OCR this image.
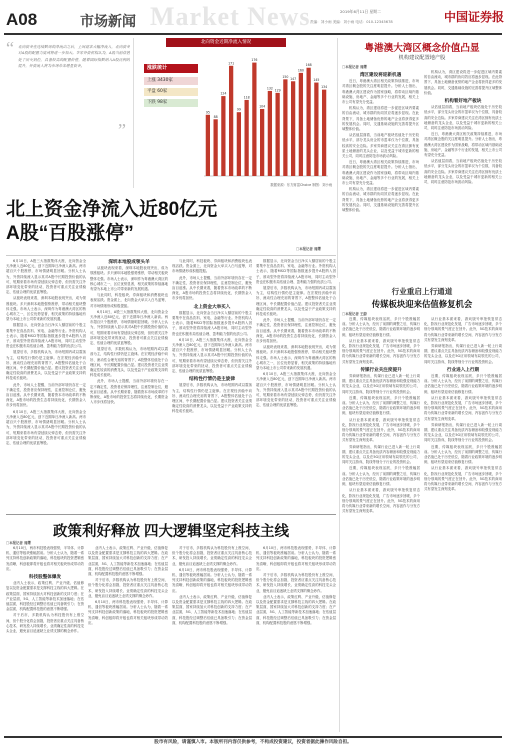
A08	市场新闻 Market News	2019年6月11日 星期二
责编：刘小雨 美编：刘小雨 电话：010-12345678	中国证券报
“ 北向资金在连续数周的净流出之后，上周迎来大幅净流入，北向资金对A股的配置力度或将进一步加大。多家外资机构认为，A股当前估值处于历史低位，具备较高的配置价值，随着国际指数纳入A股比例的提升，外资流入将为市场带来增量资金。
”
北向资金近期净流入情况
涨跌统计
上涨 3430家
平盘 60家
下跌 98家
95
88
124
171
99
118
176
104
132 129
150 147
160
168
145
134
数据来源：东方财富Choice 制图：刘小雨
粤港澳大湾区概念价值凸显
机构建议配置地产股
□本报记者 周缨
湾区建设将迎新机遇

近日，粤港澳大湾区相关政策持续推进，市场对湾区概念股的关注度明显提升。分析人士指出，粤港澳大湾区建设作为国家战略，将带动区域内基础设施、房地产、金融等多个行业的发展，相关上市公司有望充分受益。

机构认为，湾区建设将进一步促进区域内要素的自由流动，城市群的协同效应将逐步显现。在此背景下，具备土地储备优势的地产企业将获得更多的发展机会。同时，交通基础设施的完善将提升区域整体价值。

从估值层面看，当前地产板块估值处于历史较低水平，部分龙头房企的市盈率仅为个位数，具备较高的安全边际。多家券商建议关注在湾区拥有优质土地储备的龙头企业，以及受益于城市更新的相关公司，同时注意防范市场波动风险。

近日，粤港澳大湾区相关政策持续推进，市场对湾区概念股的关注度明显提升。分析人士指出，粤港澳大湾区建设作为国家战略，将带动区域内基础设施、房地产、金融等多个行业的发展，相关上市公司有望充分受益。

机构认为，湾区建设将进一步促进区域内要素的自由流动，城市群的协同效应将逐步显现。在此背景下，具备土地储备优势的地产企业将获得更多的发展机会。同时，交通基础设施的完善将提升区域整体价值。

机构认为，湾区建设将进一步促进区域内要素的自由流动，城市群的协同效应将逐步显现。在此背景下，具备土地储备优势的地产企业将获得更多的发展机会。同时，交通基础设施的完善将提升区域整体价值。

机构看好地产板块

从估值层面看，当前地产板块估值处于历史较低水平，部分龙头房企的市盈率仅为个位数，具备较高的安全边际。多家券商建议关注在湾区拥有优质土地储备的龙头企业，以及受益于城市更新的相关公司，同时注意防范市场波动风险。

近日，粤港澳大湾区相关政策持续推进，市场对湾区概念股的关注度明显提升。分析人士指出，粤港澳大湾区建设作为国家战略，将带动区域内基础设施、房地产、金融等多个行业的发展，相关上市公司有望充分受益。

从估值层面看，当前地产板块估值处于历史较低水平，部分龙头房企的市盈率仅为个位数，具备较高的安全边际。多家券商建议关注在湾区拥有优质土地储备的龙头企业，以及受益于城市更新的相关公司，同时注意防范市场波动风险。

北上资金净流入近80亿元
A股“百股涨停”
□本报记者 周缨

6月10日，A股三大指数集体大涨，北向资金全天净流入近80亿元，创下近期单日净流入新高。两市超百只个股涨停，市场情绪明显回暖。分析人士认为，外资持续流入显示其对A股中长期投资价值的认可，短期来看市场有望延续反弹态势，但仍需关注外部环境变化带来的扰动，投资者可重点关注业绩稳定、估值合理的优质蓝筹股。

从板块表现来看，深圳本地股表现突出，成为领涨板块。多只深圳本地股强势涨停，带动相关板块整体走强。市场人士表示，深圳作为粤港澳大湾区的核心城市之一，区位优势显著，相关政策的持续落地有望为本地上市公司带来新的发展机遇。

数据显示，北向资金当日净买入额居前的个股主要集中在食品饮料、家电、金融等行业。外资机构人士表示，随着MSCI等国际指数逐步提升A股纳入因子，被动型外资将持续流入A股市场，同时主动型外资也在积极布局估值合理、盈利能力强的优质公司。

展望后市，多数机构认为，市场短期内或以震荡为主，结构性行情仍是主旋律。在宏观经济稳中向好、流动性合理充裕的背景下，A股整体估值处于合理区间，中长期配置价值凸显。建议投资者关注业绩确定性较高的消费龙头，以及受益于产业政策支持的科技成长板块。

此外，市场人士提醒，当前外部环境仍存在一定不确定性，投资者应保持理性，注意控制仓位，避免盲目追涨。从中长期来看，随着资本市场改革的不断深化，A股市场的投资生态将持续优化，长期资金入市步伐将加快。

6月10日，A股三大指数集体大涨，北向资金全天净流入近80亿元，创下近期单日净流入新高。两市超百只个股涨停，市场情绪明显回暖。分析人士认为，外资持续流入显示其对A股中长期投资价值的认可，短期来看市场有望延续反弹态势，但仍需关注外部环境变化带来的扰动，投资者可重点关注业绩稳定、估值合理的优质蓝筹股。

深圳本地股成领头羊

从板块表现来看，深圳本地股表现突出，成为领涨板块。多只深圳本地股强势涨停，带动相关板块整体走强。市场人士表示，深圳作为粤港澳大湾区的核心城市之一，区位优势显著，相关政策的持续落地有望为本地上市公司带来新的发展机遇。

与此同时，科技板块、券商板块和消费板块也表现活跃。资金面上，北向资金大举买入白马蓝筹，对市场情绪形成积极提振。

6月10日，A股三大指数集体大涨，北向资金全天净流入近80亿元，创下近期单日净流入新高。两市超百只个股涨停，市场情绪明显回暖。分析人士认为，外资持续流入显示其对A股中长期投资价值的认可，短期来看市场有望延续反弹态势，但仍需关注外部环境变化带来的扰动，投资者可重点关注业绩稳定、估值合理的优质蓝筹股。

展望后市，多数机构认为，市场短期内或以震荡为主，结构性行情仍是主旋律。在宏观经济稳中向好、流动性合理充裕的背景下，A股整体估值处于合理区间，中长期配置价值凸显。建议投资者关注业绩确定性较高的消费龙头，以及受益于产业政策支持的科技成长板块。

此外，市场人士提醒，当前外部环境仍存在一定不确定性，投资者应保持理性，注意控制仓位，避免盲目追涨。从中长期来看，随着资本市场改革的不断深化，A股市场的投资生态将持续优化，长期资金入市步伐将加快。

与此同时，科技板块、券商板块和消费板块也表现活跃。资金面上，北向资金大举买入白马蓝筹，对市场情绪形成积极提振。

此外，市场人士提醒，当前外部环境仍存在一定不确定性，投资者应保持理性，注意控制仓位，避免盲目追涨。从中长期来看，随着资本市场改革的不断深化，A股市场的投资生态将持续优化，长期资金入市步伐将加快。

北上资金大举买入

数据显示，北向资金当日净买入额居前的个股主要集中在食品饮料、家电、金融等行业。外资机构人士表示，随着MSCI等国际指数逐步提升A股纳入因子，被动型外资将持续流入A股市场，同时主动型外资也在积极布局估值合理、盈利能力强的优质公司。

6月10日，A股三大指数集体大涨，北向资金全天净流入近80亿元，创下近期单日净流入新高。两市超百只个股涨停，市场情绪明显回暖。分析人士认为，外资持续流入显示其对A股中长期投资价值的认可，短期来看市场有望延续反弹态势，但仍需关注外部环境变化带来的扰动，投资者可重点关注业绩稳定、估值合理的优质蓝筹股。

结构性行情仍是主旋律

展望后市，多数机构认为，市场短期内或以震荡为主，结构性行情仍是主旋律。在宏观经济稳中向好、流动性合理充裕的背景下，A股整体估值处于合理区间，中长期配置价值凸显。建议投资者关注业绩确定性较高的消费龙头，以及受益于产业政策支持的科技成长板块。

数据显示，北向资金当日净买入额居前的个股主要集中在食品饮料、家电、金融等行业。外资机构人士表示，随着MSCI等国际指数逐步提升A股纳入因子，被动型外资将持续流入A股市场，同时主动型外资也在积极布局估值合理、盈利能力强的优质公司。

展望后市，多数机构认为，市场短期内或以震荡为主，结构性行情仍是主旋律。在宏观经济稳中向好、流动性合理充裕的背景下，A股整体估值处于合理区间，中长期配置价值凸显。建议投资者关注业绩确定性较高的消费龙头，以及受益于产业政策支持的科技成长板块。

此外，市场人士提醒，当前外部环境仍存在一定不确定性，投资者应保持理性，注意控制仓位，避免盲目追涨。从中长期来看，随着资本市场改革的不断深化，A股市场的投资生态将持续优化，长期资金入市步伐将加快。

从板块表现来看，深圳本地股表现突出，成为领涨板块。多只深圳本地股强势涨停，带动相关板块整体走强。市场人士表示，深圳作为粤港澳大湾区的核心城市之一，区位优势显著，相关政策的持续落地有望为本地上市公司带来新的发展机遇。

6月10日，A股三大指数集体大涨，北向资金全天净流入近80亿元，创下近期单日净流入新高。两市超百只个股涨停，市场情绪明显回暖。分析人士认为，外资持续流入显示其对A股中长期投资价值的认可，短期来看市场有望延续反弹态势，但仍需关注外部环境变化带来的扰动，投资者可重点关注业绩稳定、估值合理的优质蓝筹股。

行业重启上行通道
传媒板块迎来估值修复机会
□本报记者 王蔚

近期，传媒板块表现活跃，多只个股涨幅居前。分析人士认为，经历了前期的调整之后，传媒行业估值已处于历史低位，随着行业政策环境的逐步明朗，板块有望迎来估值修复行情。

从行业基本面来看，游戏版号审批恢复常态化，影视行业规范化发展，广告市场逐步回暖，多个细分领域的景气度正在回升。此外，5G技术的商用将为传媒行业带来新的增长空间，内容创作与分发方式有望发生深刻变革。

传媒行业关注度提升

券商研报指出，传媒行业已进入新一轮上行周期，建议重点关注具备优质内容储备和较强变现能力的龙头企业，以及在5G应用领域布局领先的公司，同时关注游戏、院线等细分子行业的投资机会。

近期，传媒板块表现活跃，多只个股涨幅居前。分析人士认为，经历了前期的调整之后，传媒行业估值已处于历史低位，随着行业政策环境的逐步明朗，板块有望迎来估值修复行情。

从行业基本面来看，游戏版号审批恢复常态化，影视行业规范化发展，广告市场逐步回暖，多个细分领域的景气度正在回升。此外，5G技术的商用将为传媒行业带来新的增长空间，内容创作与分发方式有望发生深刻变革。

券商研报指出，传媒行业已进入新一轮上行周期，建议重点关注具备优质内容储备和较强变现能力的龙头企业，以及在5G应用领域布局领先的公司，同时关注游戏、院线等细分子行业的投资机会。

近期，传媒板块表现活跃，多只个股涨幅居前。分析人士认为，经历了前期的调整之后，传媒行业估值已处于历史低位，随着行业政策环境的逐步明朗，板块有望迎来估值修复行情。

从行业基本面来看，游戏版号审批恢复常态化，影视行业规范化发展，广告市场逐步回暖，多个细分领域的景气度正在回升。此外，5G技术的商用将为传媒行业带来新的增长空间，内容创作与分发方式有望发生深刻变革。

从行业基本面来看，游戏版号审批恢复常态化，影视行业规范化发展，广告市场逐步回暖，多个细分领域的景气度正在回升。此外，5G技术的商用将为传媒行业带来新的增长空间，内容创作与分发方式有望发生深刻变革。

券商研报指出，传媒行业已进入新一轮上行周期，建议重点关注具备优质内容储备和较强变现能力的龙头企业，以及在5G应用领域布局领先的公司，同时关注游戏、院线等细分子行业的投资机会。

行业进入上行期

近期，传媒板块表现活跃，多只个股涨幅居前。分析人士认为，经历了前期的调整之后，传媒行业估值已处于历史低位，随着行业政策环境的逐步明朗，板块有望迎来估值修复行情。

从行业基本面来看，游戏版号审批恢复常态化，影视行业规范化发展，广告市场逐步回暖，多个细分领域的景气度正在回升。此外，5G技术的商用将为传媒行业带来新的增长空间，内容创作与分发方式有望发生深刻变革。

券商研报指出，传媒行业已进入新一轮上行周期，建议重点关注具备优质内容储备和较强变现能力的龙头企业，以及在5G应用领域布局领先的公司，同时关注游戏、院线等细分子行业的投资机会。

近期，传媒板块表现活跃，多只个股涨幅居前。分析人士认为，经历了前期的调整之后，传媒行业估值已处于历史低位，随着行业政策环境的逐步明朗，板块有望迎来估值修复行情。

从行业基本面来看，游戏版号审批恢复常态化，影视行业规范化发展，广告市场逐步回暖，多个细分领域的景气度正在回升。此外，5G技术的商用将为传媒行业带来新的增长空间，内容创作与分发方式有望发生深刻变革。

政策利好释放 四大逻辑坚定科技主线
□本报记者 周缨

6月10日，两市科技股表现强势，半导体、计算机、通信等板块涨幅居前。分析人士认为，随着一系列支持科技创新政策的落地，科技板块的投资逻辑愈发清晰，科创板即将开板也将对相关板块形成带动效应。

科技股整体爆发

业内人士表示，政策红利、产业升级、估值修复以及资金配置需求是支撑科技主线的四大逻辑。在政策层面，国家持续加大对科技创新的支持力度；在产业层面，5G、人工智能等新技术加速落地；在估值层面，科技股经过调整后估值已具备吸引力；在资金层面，机构配置科技股的意愿不断增强。

对于后市，多数机构认为科技股仍有上涨空间，但个股分化将会加剧，投资者应重点关注具备核心技术、研发投入持续增长、业绩确定性高的科技龙头企业，避免盲目追逐缺乏业绩支撑的概念炒作。

业内人士表示，政策红利、产业升级、估值修复以及资金配置需求是支撑科技主线的四大逻辑。在政策层面，国家持续加大对科技创新的支持力度；在产业层面，5G、人工智能等新技术加速落地；在估值层面，科技股经过调整后估值已具备吸引力；在资金层面，机构配置科技股的意愿不断增强。

对于后市，多数机构认为科技股仍有上涨空间，但个股分化将会加剧，投资者应重点关注具备核心技术、研发投入持续增长、业绩确定性高的科技龙头企业，避免盲目追逐缺乏业绩支撑的概念炒作。

6月10日，两市科技股表现强势，半导体、计算机、通信等板块涨幅居前。分析人士认为，随着一系列支持科技创新政策的落地，科技板块的投资逻辑愈发清晰，科创板即将开板也将对相关板块形成带动效应。

对于后市，多数机构认为科技股仍有上涨空间，但个股分化将会加剧，投资者应重点关注具备核心技术、研发投入持续增长、业绩确定性高的科技龙头企业，避免盲目追逐缺乏业绩支撑的概念炒作。

6月10日，两市科技股表现强势，半导体、计算机、通信等板块涨幅居前。分析人士认为，随着一系列支持科技创新政策的落地，科技板块的投资逻辑愈发清晰，科创板即将开板也将对相关板块形成带动效应。

业内人士表示，政策红利、产业升级、估值修复以及资金配置需求是支撑科技主线的四大逻辑。在政策层面，国家持续加大对科技创新的支持力度；在产业层面，5G、人工智能等新技术加速落地；在估值层面，科技股经过调整后估值已具备吸引力；在资金层面，机构配置科技股的意愿不断增强。

6月10日，两市科技股表现强势，半导体、计算机、通信等板块涨幅居前。分析人士认为，随着一系列支持科技创新政策的落地，科技板块的投资逻辑愈发清晰，科创板即将开板也将对相关板块形成带动效应。

对于后市，多数机构认为科技股仍有上涨空间，但个股分化将会加剧，投资者应重点关注具备核心技术、研发投入持续增长、业绩确定性高的科技龙头企业，避免盲目追逐缺乏业绩支撑的概念炒作。

业内人士表示，政策红利、产业升级、估值修复以及资金配置需求是支撑科技主线的四大逻辑。在政策层面，国家持续加大对科技创新的支持力度；在产业层面，5G、人工智能等新技术加速落地；在估值层面，科技股经过调整后估值已具备吸引力；在资金层面，机构配置科技股的意愿不断增强。

股市有风险，请谨慎入市。本版所刊内容仅供参考，不构成投资建议，投资者据此操作风险自担。
